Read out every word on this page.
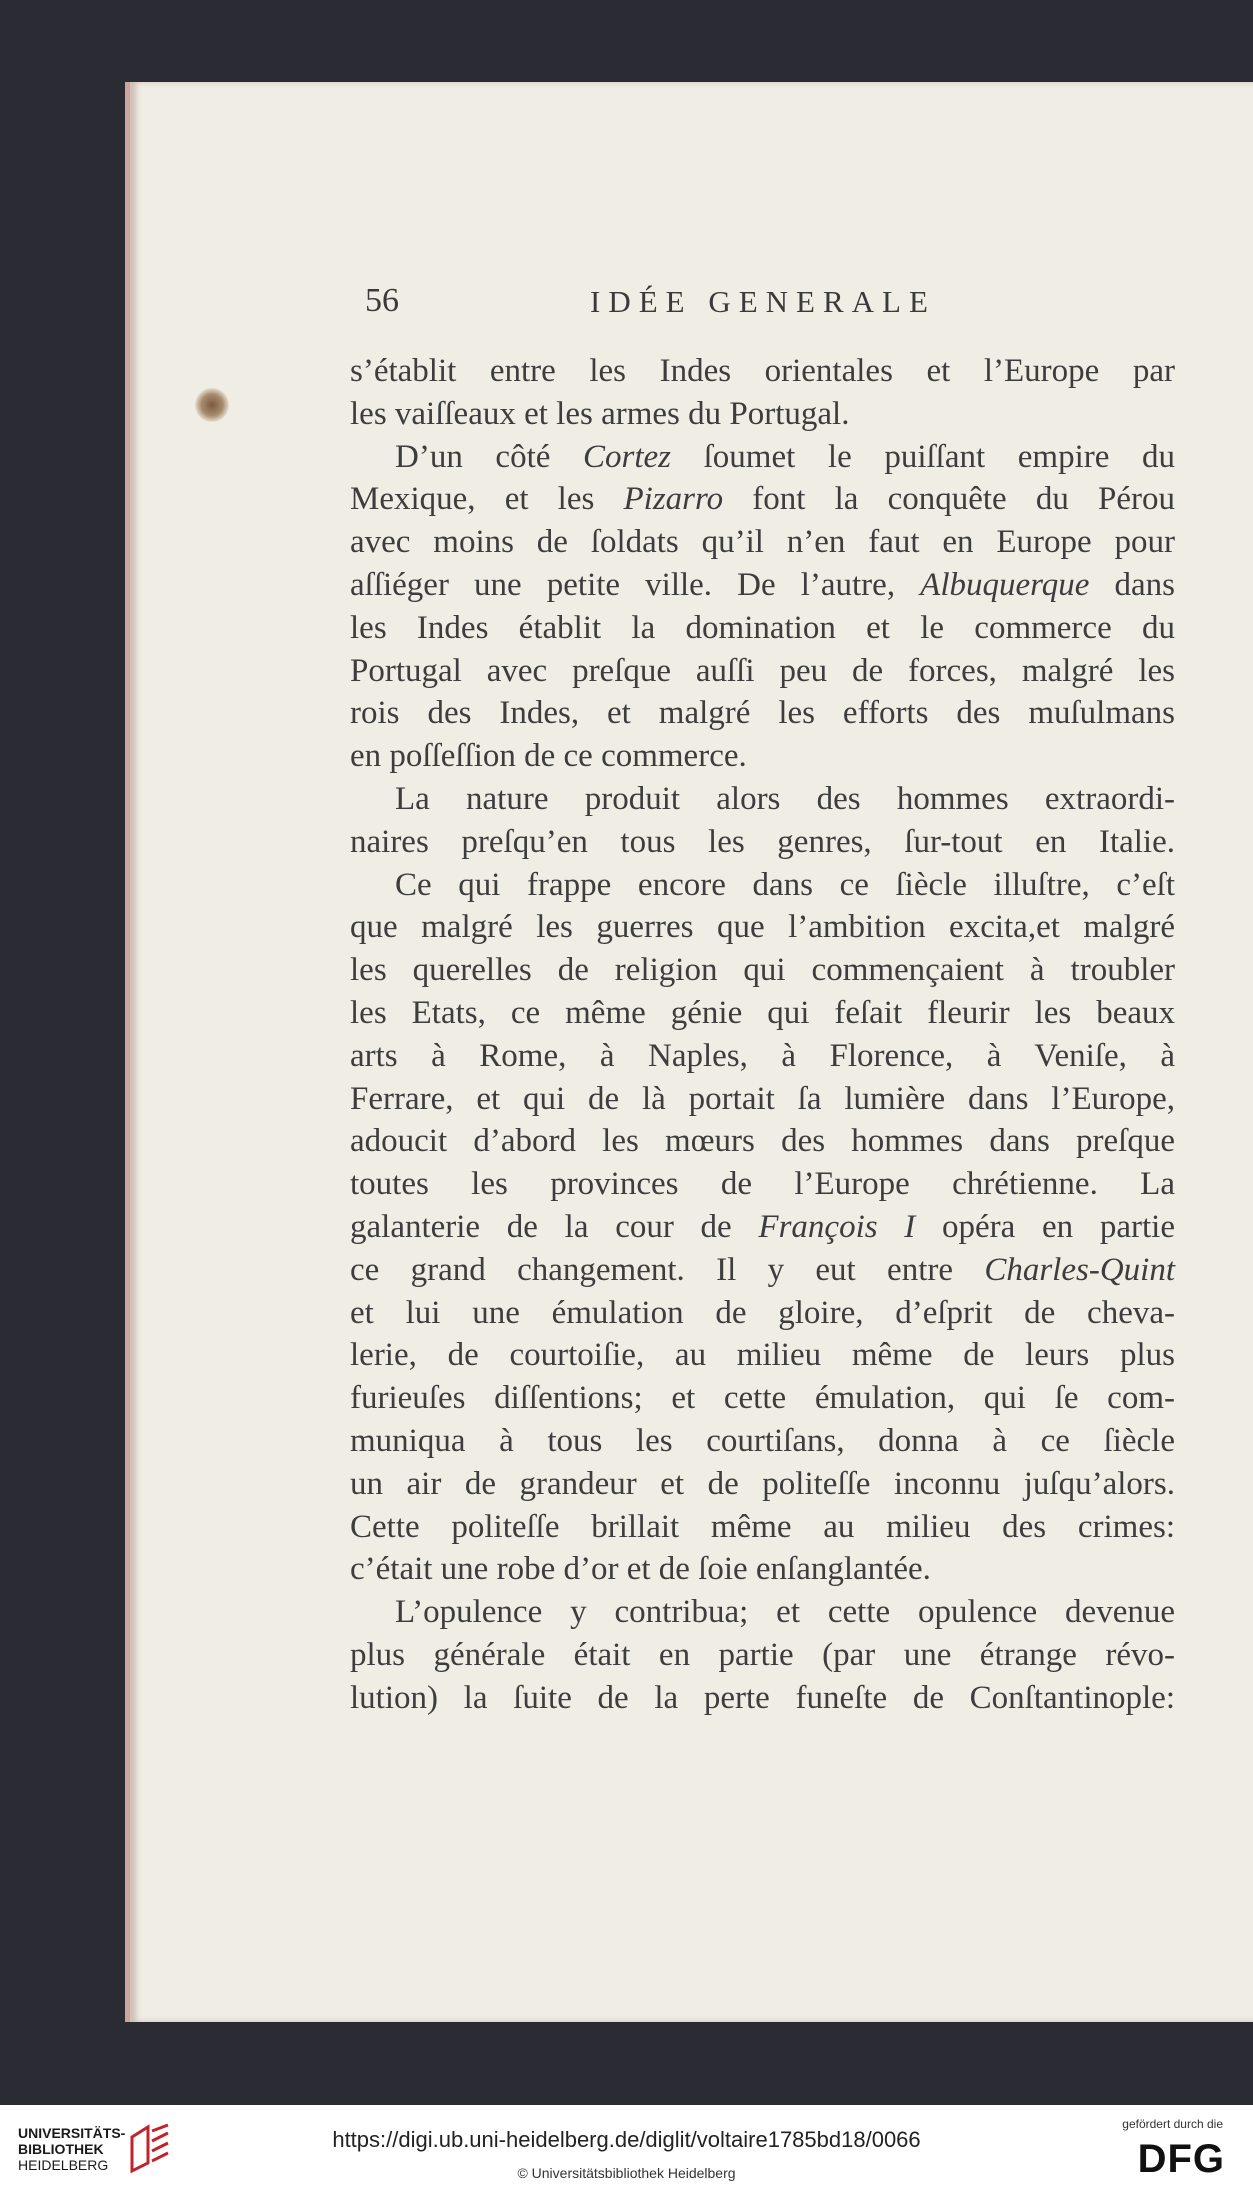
56	IDÉE GENERALE
s’établit entre les Indes orientales et l’Europe par
les vaiſſeaux et les armes du Portugal.
D’un côté Cortez ſoumet le puiſſant empire du
Mexique, et les Pizarro font la conquête du Pérou
avec moins de ſoldats qu’il n’en faut en Europe pour
aſſiéger une petite ville. De l’autre, Albuquerque dans
les Indes établit la domination et le commerce du
Portugal avec preſque auſſi peu de forces, malgré les
rois des Indes, et malgré les efforts des muſulmans
en poſſeſſion de ce commerce.
La nature produit alors des hommes extraordi-
naires preſqu’en tous les genres, ſur-tout en Italie.
Ce qui frappe encore dans ce ſiècle illuſtre, c’eſt
que malgré les guerres que l’ambition excita,et malgré
les querelles de religion qui commençaient à troubler
les Etats, ce même génie qui feſait fleurir les beaux
arts à Rome, à Naples, à Florence, à Veniſe, à
Ferrare, et qui de là portait ſa lumière dans l’Europe,
adoucit d’abord les mœurs des hommes dans preſque
toutes les provinces de l’Europe chrétienne. La
galanterie de la cour de François I opéra en partie
ce grand changement. Il y eut entre Charles-Quint
et lui une émulation de gloire, d’eſprit de cheva-
lerie, de courtoiſie, au milieu même de leurs plus
furieuſes diſſentions; et cette émulation, qui ſe com-
muniqua à tous les courtiſans, donna à ce ſiècle
un air de grandeur et de politeſſe inconnu juſqu’alors.
Cette politeſſe brillait même au milieu des crimes:
c’était une robe d’or et de ſoie enſanglantée.
L’opulence y contribua; et cette opulence devenue
plus générale était en partie (par une étrange révo-
lution) la ſuite de la perte funeſte de Conſtantinople:
UNIVERSITÄTS-
BIBLIOTHEK
HEIDELBERG
https://digi.ub.uni-heidelberg.de/diglit/voltaire1785bd18/0066
© Universitätsbibliothek Heidelberg
gefördert durch die
DFG
